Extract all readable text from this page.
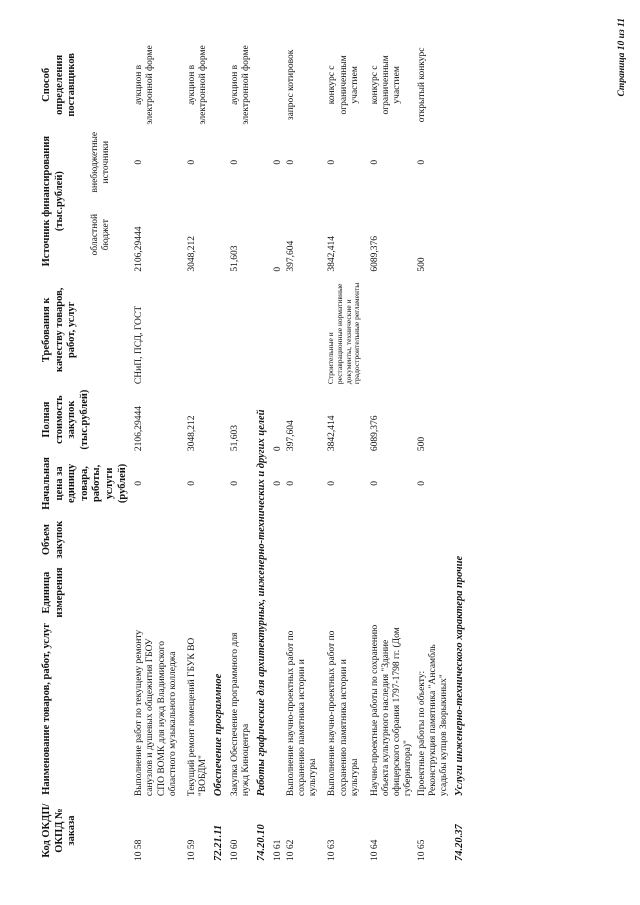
Код ОКДП/ ОКПД № заказа	Наименование товаров, работ, услуг	Единица измерения	Объем закупок	Начальная цена за единицу товара, работы, услуги (рублей)	Полная стоимость закупок (тыс.рублей)	Требования к качеству товаров, работ, услуг	Источник финансирования (тыс.рублей)		Способ определения поставщиков
							областной бюджет	внебюджетные источники	
10 58	Выполнение работ по текущему ремонту санузлов и душевых общежития ГБОУ СПО ВОМК для нужд Владимирского областного музыкального колледжа			0	2106,29444	СНиП, ПСД, ГОСТ	2106,29444	0	аукцион в электронной форме

10 59	Текущий ремонт помещений ГБУК ВО "ВОБДМ"			0	3048,212		3048,212	0	аукцион в электронной форме
72.21.11	Обеспечение программное								
10 60	Закупка Обеспечение программного для нужд Киноцентра			0	51,603		51,603	0	аукцион в электронной форме
74.20.10	Работы графические для архитектурных, инженерно-технических и других целей								
10 61				0	0		0	0	
10 62	Выполнение научно-проектных работ по сохранению памятника истории и культуры			0	397,604		397,604	0	запрос котировок

10 63	Выполнение научно-проектных работ по сохранению памятника истории и культуры			0	3842,414	Строительные и реставрационные нормативные документы, технические и градостроительные регламенты	3842,414	0	конкурс с ограниченным участием

10 64	Научно-проектные работы по сохранению объекта культурного наследия "Здание офицерского собрания 1797-1798 гг. (Дом губернатора)"			0	6089,376		6089,376	0	конкурс с ограниченным участием
10 65	Проектные работы по объекту: Реконструкция памятника "Ансамбль усадьбы купцов Зворыкиных"			0	500		500	0	открытый конкурс
74.20.37	Услуги инженерно-технического характера прочие								
Страница 10 из 11
